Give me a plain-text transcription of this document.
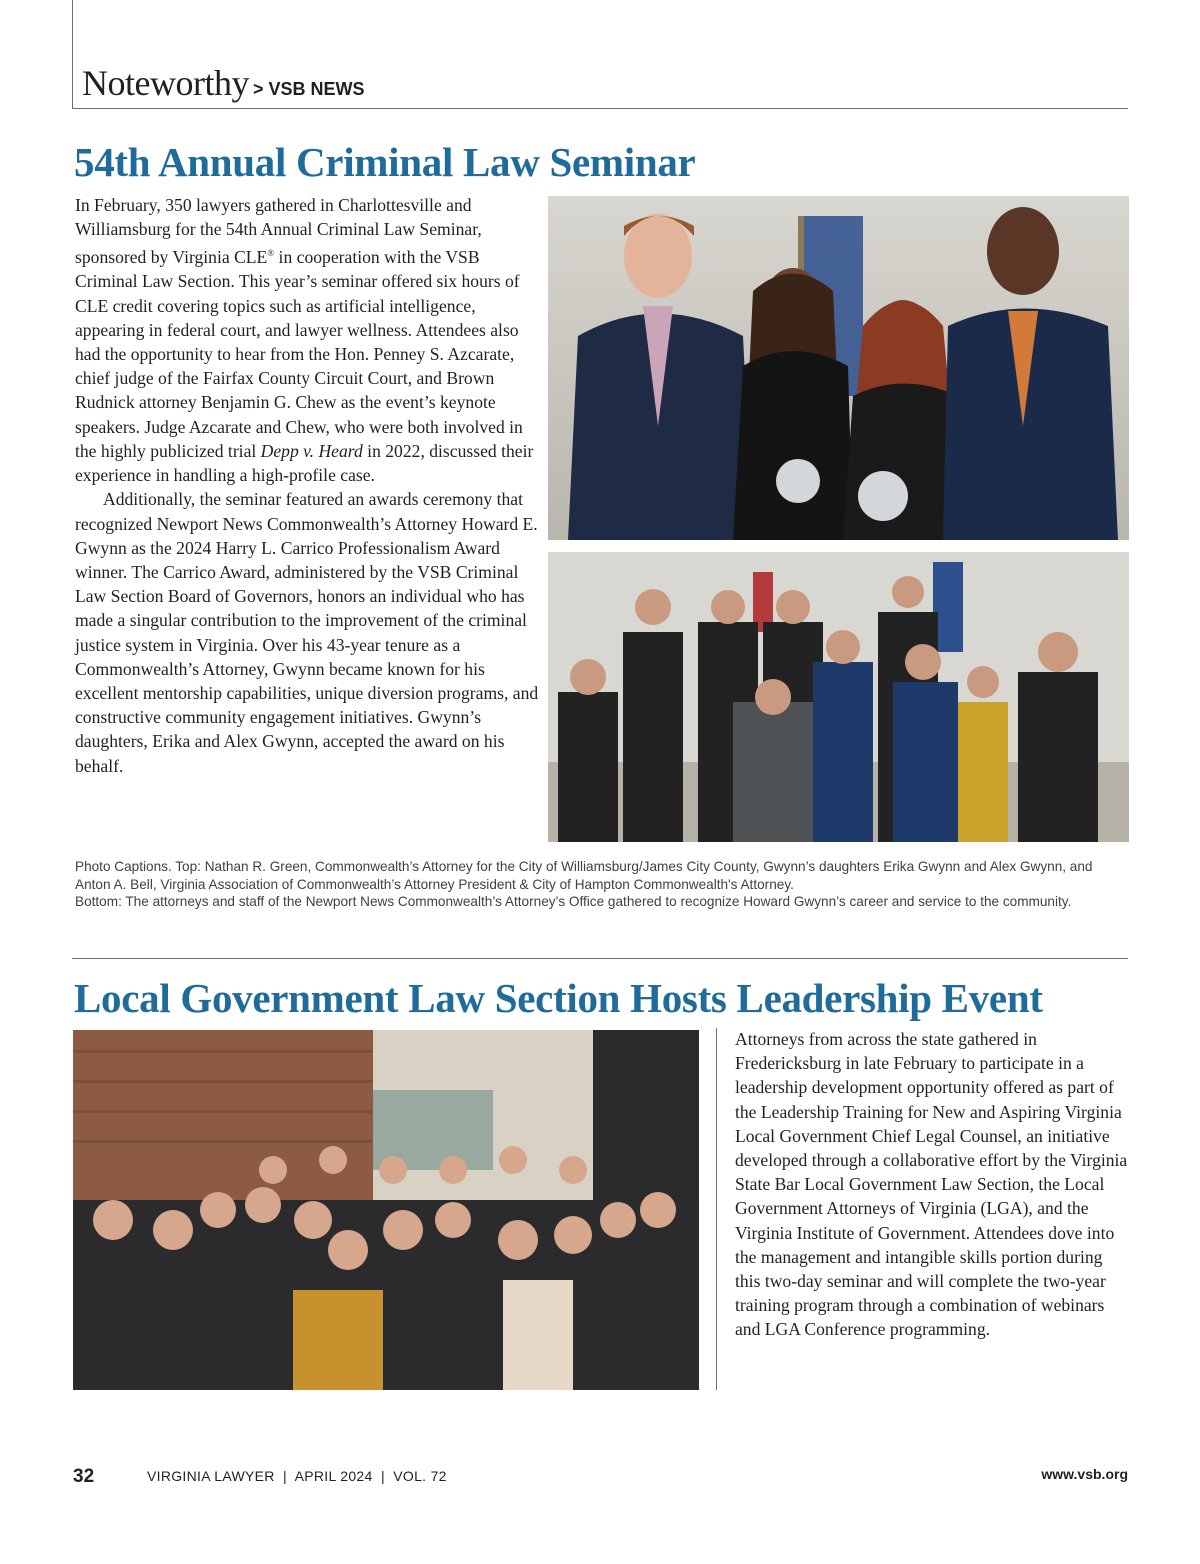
Noteworthy > VSB NEWS
54th Annual Criminal Law Seminar

In February, 350 lawyers gathered in Charlottesville and Williamsburg for the 54th Annual Criminal Law Seminar, sponsored by Virginia CLE® in cooperation with the VSB Criminal Law Section. This year’s seminar offered six hours of CLE credit covering topics such as artificial intelligence, appearing in federal court, and lawyer wellness. Attendees also had the opportunity to hear from the Hon. Penney S. Azcarate, chief judge of the Fairfax County Circuit Court, and Brown Rudnick attorney Benjamin G. Chew as the event’s keynote speakers. Judge Azcarate and Chew, who were both involved in the highly publicized trial Depp v. Heard in 2022, discussed their experience in handling a high-profile case.

Additionally, the seminar featured an awards ceremony that recognized Newport News Commonwealth’s Attorney Howard E. Gwynn as the 2024 Harry L. Carrico Professionalism Award winner. The Carrico Award, administered by the VSB Criminal Law Section Board of Governors, honors an individual who has made a singular contribution to the improvement of the criminal justice system in Virginia. Over his 43-year tenure as a Commonwealth’s Attorney, Gwynn became known for his excellent mentorship capabilities, unique diversion programs, and constructive community engagement initiatives. Gwynn’s daughters, Erika and Alex Gwynn, accepted the award on his behalf.

Photo Captions. Top: Nathan R. Green, Commonwealth’s Attorney for the City of Williamsburg/James City County, Gwynn’s daughters Erika Gwynn and Alex Gwynn, and Anton A. Bell, Virginia Association of Commonwealth’s Attorney President & City of Hampton Commonwealth's Attorney.

Bottom: The attorneys and staff of the Newport News Commonwealth’s Attorney’s Office gathered to recognize Howard Gwynn’s career and service to the community.

Local Government Law Section Hosts Leadership Event

Attorneys from across the state gathered in Fredericksburg in late February to participate in a leadership development opportunity offered as part of the Leadership Training for New and Aspiring Virginia Local Government Chief Legal Counsel, an initiative developed through a collaborative effort by the Virginia State Bar Local Government Law Section, the Local Government Attorneys of Virginia (LGA), and the Virginia Institute of Government. Attendees dove into the management and intangible skills portion during this two-day seminar and will complete the two-year training program through a combination of webinars and LGA Conference programming.

32	VIRGINIA LAWYER  |  APRIL 2024  |  VOL. 72	www.vsb.org
